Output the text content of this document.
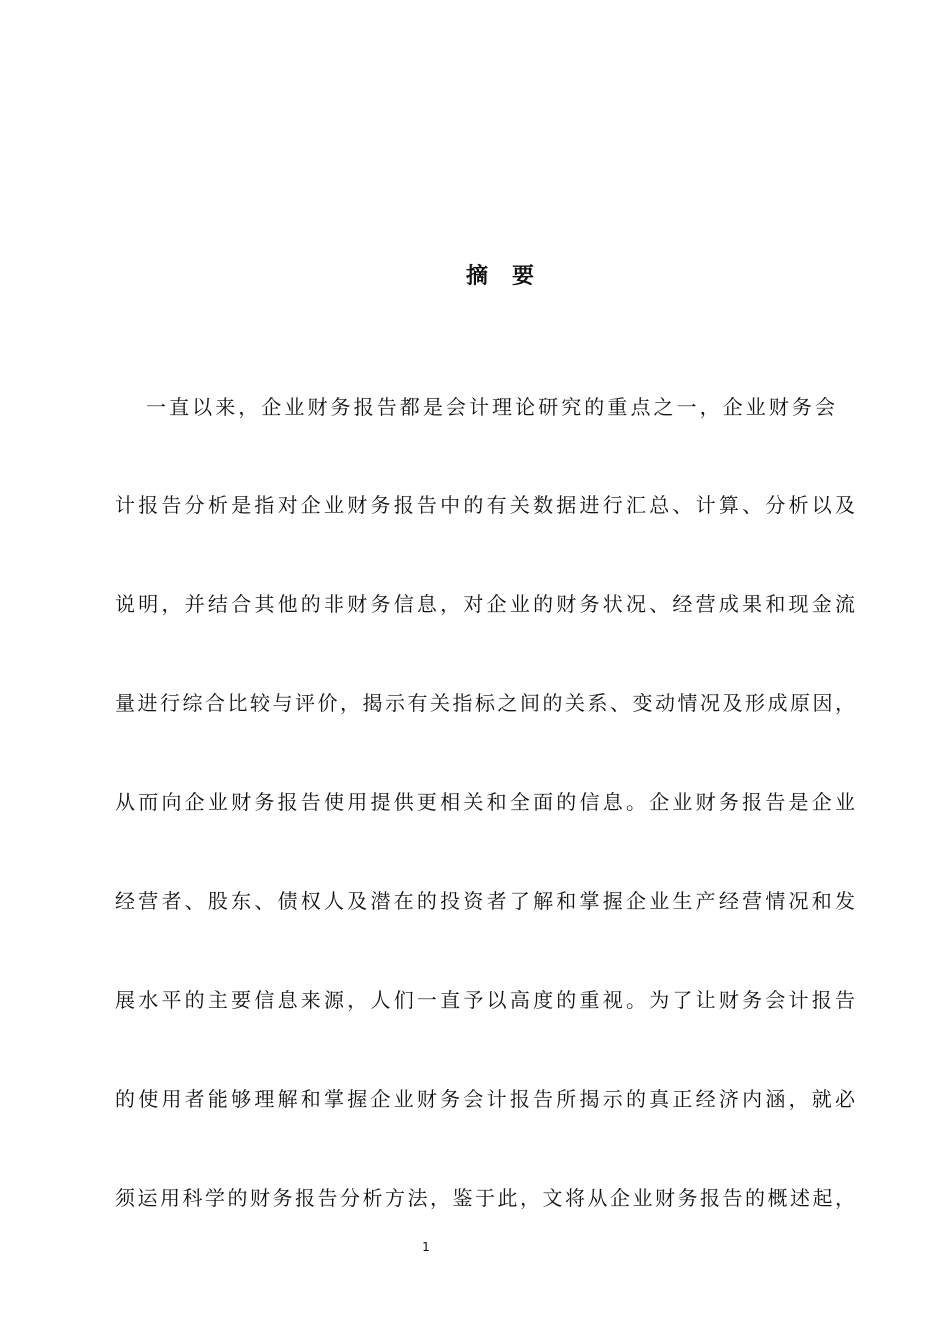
摘 要
一直以来，企业财务报告都是会计理论研究的重点之一，企业财务会
计报告分析是指对企业财务报告中的有关数据进行汇总、计算、分析以及
说明，并结合其他的非财务信息，对企业的财务状况、经营成果和现金流
量进行综合比较与评价，揭示有关指标之间的关系、变动情况及形成原因，
从而向企业财务报告使用提供更相关和全面的信息。企业财务报告是企业
经营者、股东、债权人及潜在的投资者了解和掌握企业生产经营情况和发
展水平的主要信息来源，人们一直予以高度的重视。为了让财务会计报告
的使用者能够理解和掌握企业财务会计报告所揭示的真正经济内涵，就必
须运用科学的财务报告分析方法，鉴于此，文将从企业财务报告的概述起，
1
